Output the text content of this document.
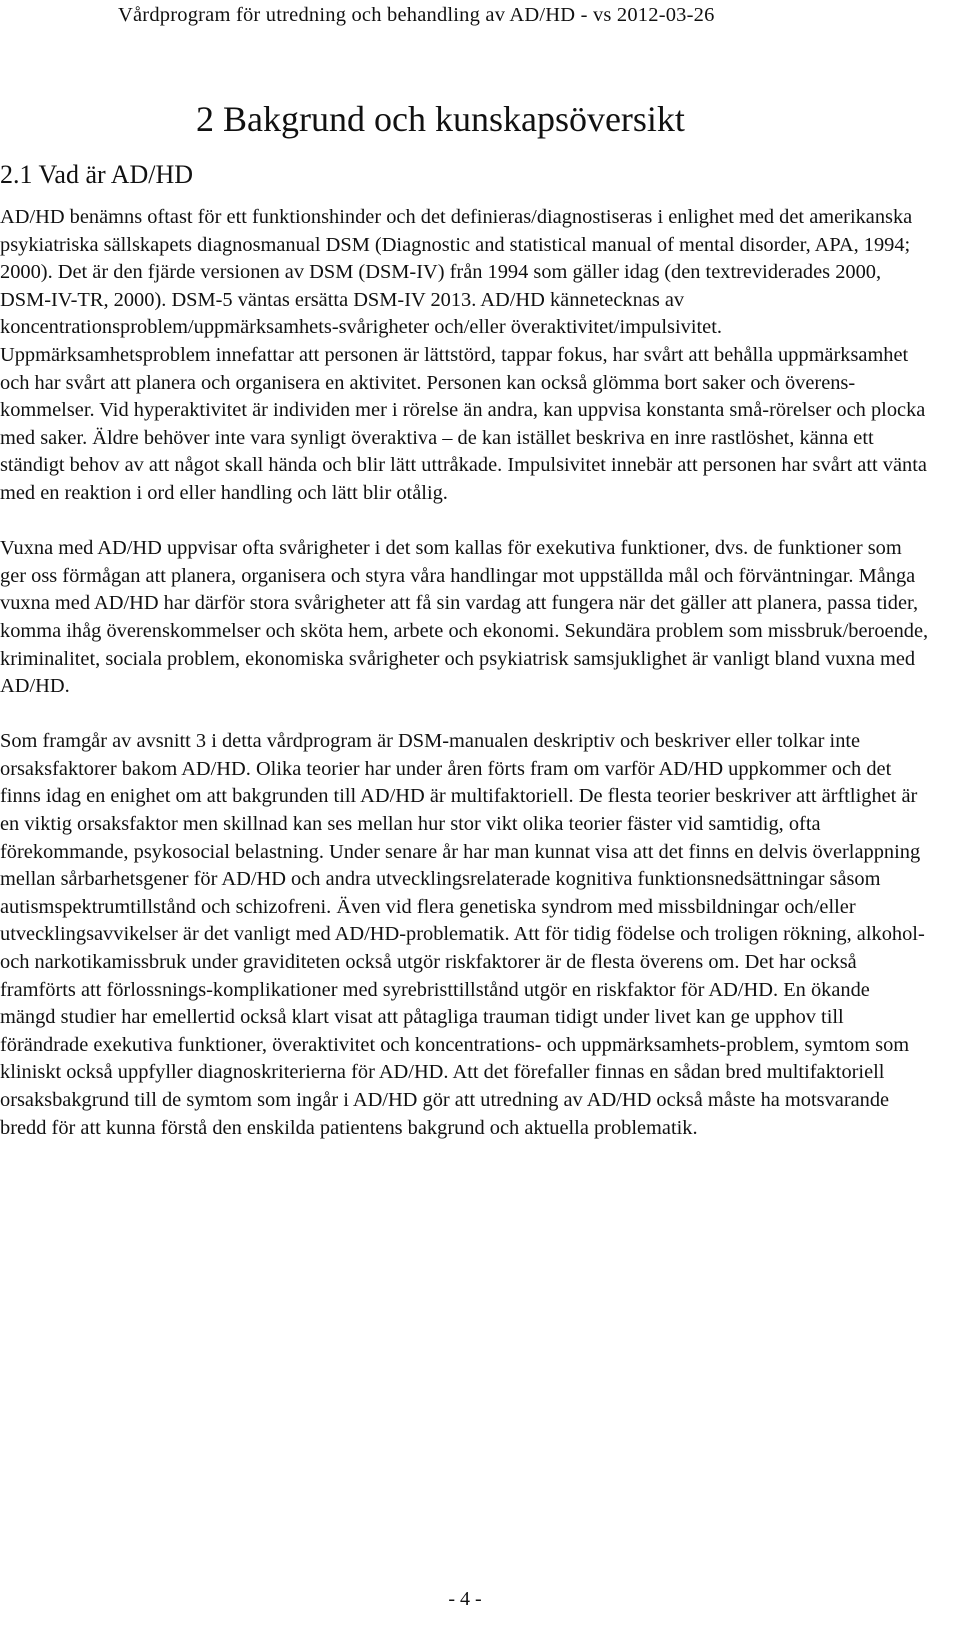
Vårdprogram för utredning och behandling av AD/HD - vs 2012-03-26
2 Bakgrund och kunskapsöversikt
2.1 Vad är AD/HD

AD/HD benämns oftast för ett funktionshinder och det definieras/diagnostiseras i enlighet med det amerikanska psykiatriska sällskapets diagnosmanual DSM (Diagnostic and statistical manual of mental disorder, APA, 1994; 2000). Det är den fjärde versionen av DSM (DSM-IV) från 1994 som gäller idag (den textreviderades 2000, DSM-IV-TR, 2000). DSM-5 väntas ersätta DSM-IV 2013. AD/HD kännetecknas av koncentrationsproblem/uppmärksamhets-svårigheter och/eller överaktivitet/impulsivitet. Uppmärksamhetsproblem innefattar att personen är lättstörd, tappar fokus, har svårt att behålla uppmärksamhet och har svårt att planera och organisera en aktivitet. Personen kan också glömma bort saker och överens-kommelser. Vid hyperaktivitet är individen mer i rörelse än andra, kan uppvisa konstanta små-rörelser och plocka med saker. Äldre behöver inte vara synligt överaktiva – de kan istället beskriva en inre rastlöshet, känna ett ständigt behov av att något skall hända och blir lätt uttråkade. Impulsivitet innebär att personen har svårt att vänta med en reaktion i ord eller handling och lätt blir otålig.

Vuxna med AD/HD uppvisar ofta svårigheter i det som kallas för exekutiva funktioner, dvs. de funktioner som ger oss förmågan att planera, organisera och styra våra handlingar mot uppställda mål och förväntningar. Många vuxna med AD/HD har därför stora svårigheter att få sin vardag att fungera när det gäller att planera, passa tider, komma ihåg överenskommelser och sköta hem, arbete och ekonomi. Sekundära problem som missbruk/beroende, kriminalitet, sociala problem, ekonomiska svårigheter och psykiatrisk samsjuklighet är vanligt bland vuxna med AD/HD.

Som framgår av avsnitt 3 i detta vårdprogram är DSM-manualen deskriptiv och beskriver eller tolkar inte orsaksfaktorer bakom AD/HD. Olika teorier har under åren förts fram om varför AD/HD uppkommer och det finns idag en enighet om att bakgrunden till AD/HD är multifaktoriell. De flesta teorier beskriver att ärftlighet är en viktig orsaksfaktor men skillnad kan ses mellan hur stor vikt olika teorier fäster vid samtidig, ofta förekommande, psykosocial belastning. Under senare år har man kunnat visa att det finns en delvis överlappning mellan sårbarhetsgener för AD/HD och andra utvecklingsrelaterade kognitiva funktionsnedsättningar såsom autismspektrumtillstånd och schizofreni. Även vid flera genetiska syndrom med missbildningar och/eller utvecklingsavvikelser är det vanligt med AD/HD-problematik. Att för tidig födelse och troligen rökning, alkohol- och narkotikamissbruk under graviditeten också utgör riskfaktorer är de flesta överens om. Det har också framförts att förlossnings-komplikationer med syrebristtillstånd utgör en riskfaktor för AD/HD. En ökande mängd studier har emellertid också klart visat att påtagliga trauman tidigt under livet kan ge upphov till förändrade exekutiva funktioner, överaktivitet och koncentrations- och uppmärksamhets-problem, symtom som kliniskt också uppfyller diagnoskriterierna för AD/HD. Att det förefaller finnas en sådan bred multifaktoriell orsaksbakgrund till de symtom som ingår i AD/HD gör att utredning av AD/HD också måste ha motsvarande bredd för att kunna förstå den enskilda patientens bakgrund och aktuella problematik.

- 4 -
